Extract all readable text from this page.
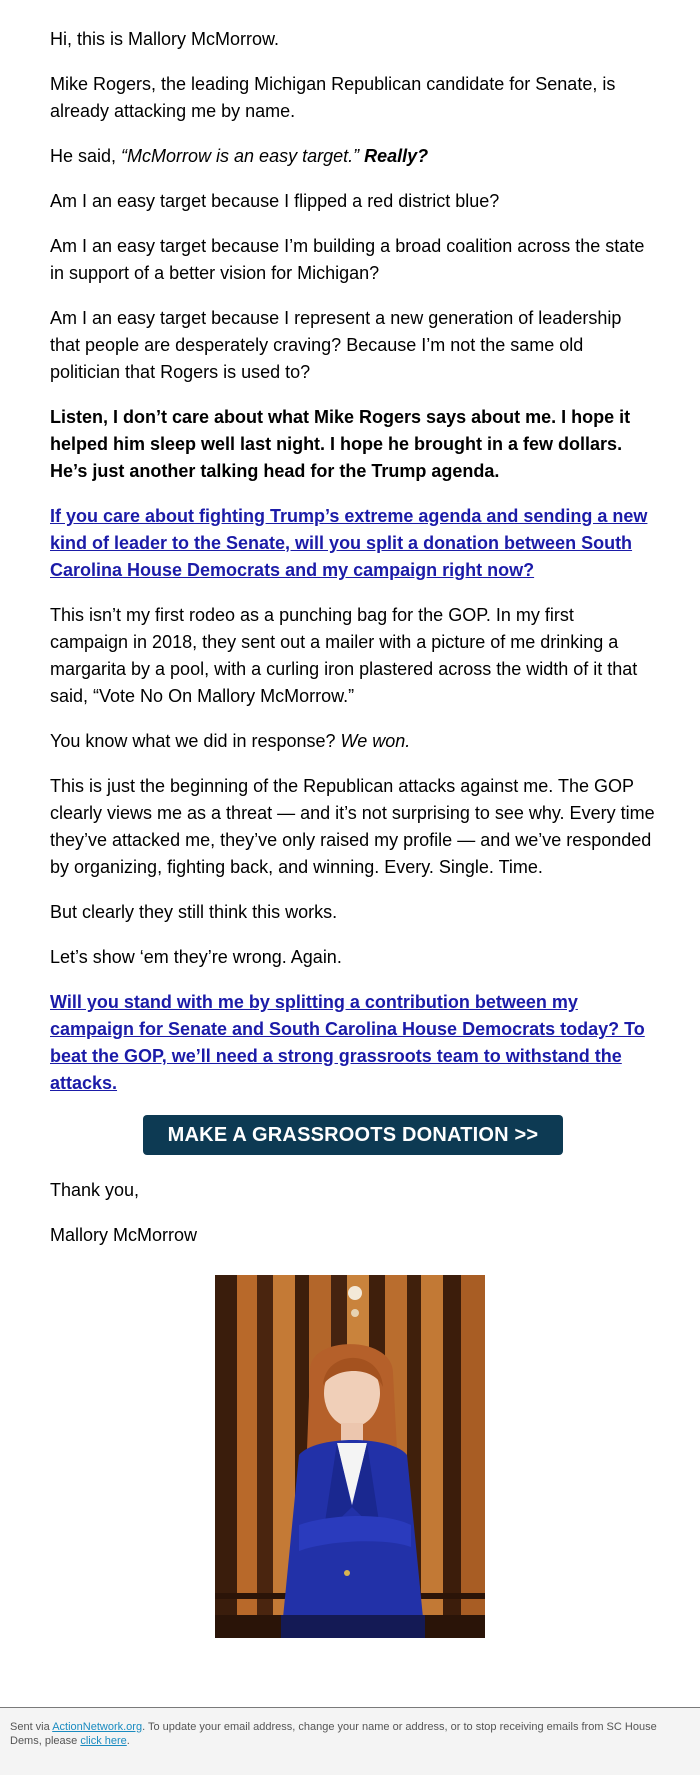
Hi, this is Mallory McMorrow.

Mike Rogers, the leading Michigan Republican candidate for Senate, is already attacking me by name.

He said, “McMorrow is an easy target.” Really?

Am I an easy target because I flipped a red district blue?

Am I an easy target because I’m building a broad coalition across the state in support of a better vision for Michigan?

Am I an easy target because I represent a new generation of leadership that people are desperately craving? Because I’m not the same old politician that Rogers is used to?

Listen, I don’t care about what Mike Rogers says about me. I hope it helped him sleep well last night. I hope he brought in a few dollars. He’s just another talking head for the Trump agenda.

If you care about fighting Trump’s extreme agenda and sending a new kind of leader to the Senate, will you split a donation between South Carolina House Democrats and my campaign right now?

This isn’t my first rodeo as a punching bag for the GOP. In my first campaign in 2018, they sent out a mailer with a picture of me drinking a margarita by a pool, with a curling iron plastered across the width of it that said, “Vote No On Mallory McMorrow.”

You know what we did in response? We won.

This is just the beginning of the Republican attacks against me. The GOP clearly views me as a threat — and it’s not surprising to see why. Every time they’ve attacked me, they’ve only raised my profile — and we’ve responded by organizing, fighting back, and winning. Every. Single. Time.

But clearly they still think this works.

Let’s show ‘em they’re wrong. Again.

Will you stand with me by splitting a contribution between my campaign for Senate and South Carolina House Democrats today? To beat the GOP, we’ll need a strong grassroots team to withstand the attacks.

MAKE A GRASSROOTS DONATION >>

Thank you,

Mallory McMorrow

Sent via ActionNetwork.org. To update your email address, change your name or address, or to stop receiving emails from SC House Dems, please click here.
